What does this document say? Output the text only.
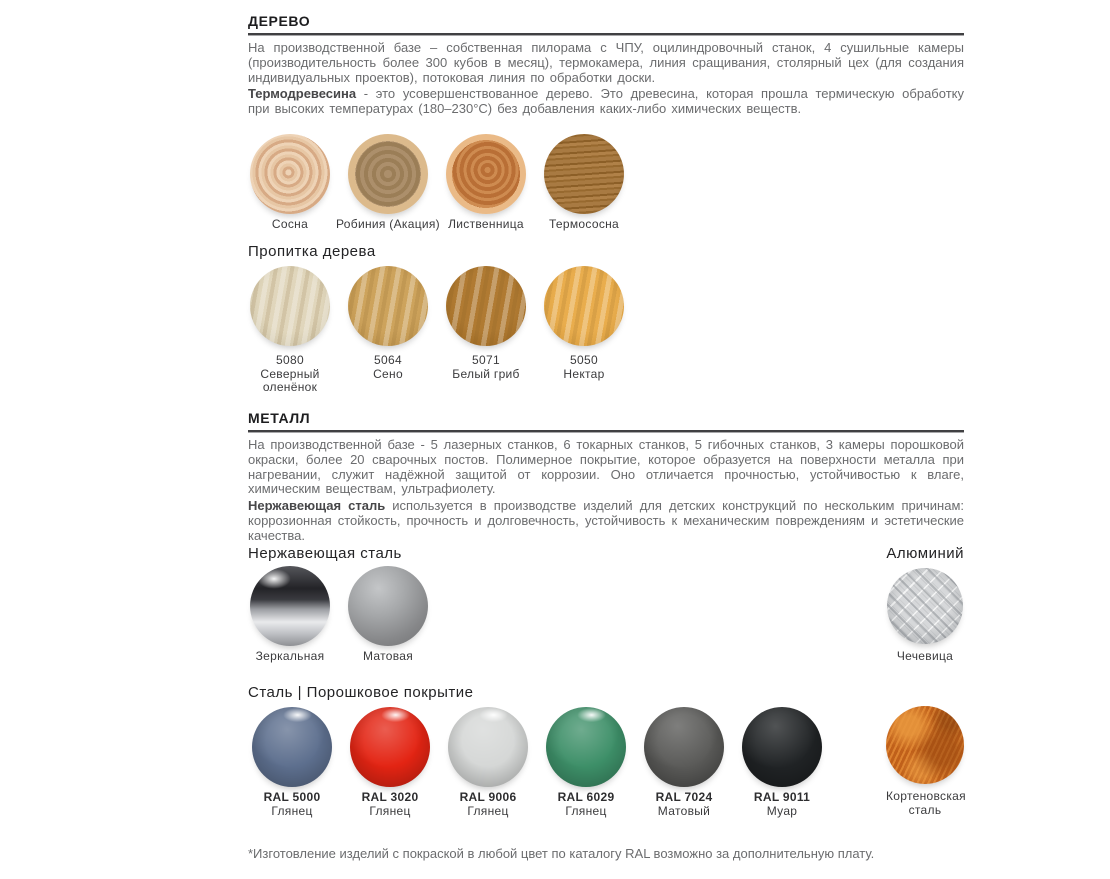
ДЕРЕВО

На производственной базе – собственная пилорама с ЧПУ, оцилиндровочный станок, 4 сушильные камеры (производительность более 300 кубов в месяц), термокамера, линия сращивания, столярный цех (для создания индивидуальных проектов), потоковая линия по обработки доски.

Термодревесина - это усовершенствованное дерево. Это древесина, которая прошла термическую обработку при высоких температурах (180–230°С) без добавления каких-либо химических веществ.

Сосна Робиния (Акация) Лиственница Термососна
Пропитка дерева
5080
Северный
оленёнок
5064
Сено
5071
Белый гриб
5050
Нектар
МЕТАЛЛ

На производственной базе - 5 лазерных станков, 6 токарных станков, 5 гибочных станков, 3 камеры порошковой окраски, более 20 сварочных постов. Полимерное покрытие, которое образуется на поверхности металла при нагревании, служит надёжной защитой от коррозии. Оно отличается прочностью, устойчивостью к влаге, химическим веществам, ультрафиолету.

Нержавеющая сталь используется в производстве изделий для детских конструкций по нескольким причинам: коррозионная стойкость, прочность и долговечность, устойчивость к механическим повреждениям и эстетические качества.

Нержавеющая сталь	Алюминий
Зеркальная	Матовая	Чечевица
Сталь | Порошковое покрытие
RAL 5000
Глянец
RAL 3020
Глянец
RAL 9006
Глянец
RAL 6029
Глянец
RAL 7024
Матовый
RAL 9011
Муар
Кортеновская
сталь
*Изготовление изделий с покраской в любой цвет по каталогу RAL возможно за дополнительную плату.
